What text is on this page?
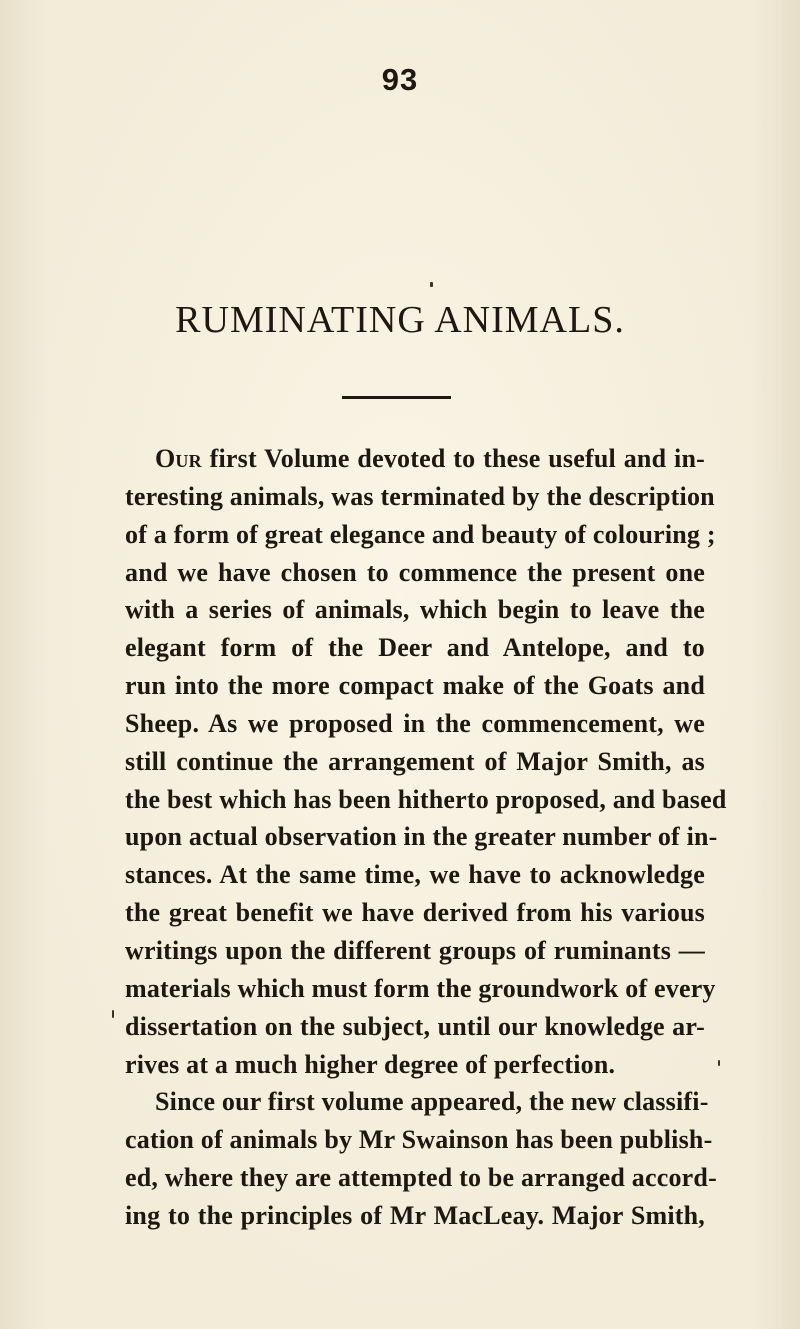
93
RUMINATING ANIMALS.
Our first Volume devoted to these useful and in-
teresting animals, was terminated by the description
of a form of great elegance and beauty of colouring ;
and we have chosen to commence the present one
with a series of animals, which begin to leave the
elegant form of the Deer and Antelope, and to
run into the more compact make of the Goats and
Sheep. As we proposed in the commencement, we
still continue the arrangement of Major Smith, as
the best which has been hitherto proposed, and based
upon actual observation in the greater number of in-
stances. At the same time, we have to acknowledge
the great benefit we have derived from his various
writings upon the different groups of ruminants —
materials which must form the groundwork of every
dissertation on the subject, until our knowledge ar-
rives at a much higher degree of perfection.
Since our first volume appeared, the new classifi-
cation of animals by Mr Swainson has been publish-
ed, where they are attempted to be arranged accord-
ing to the principles of Mr MacLeay. Major Smith,
